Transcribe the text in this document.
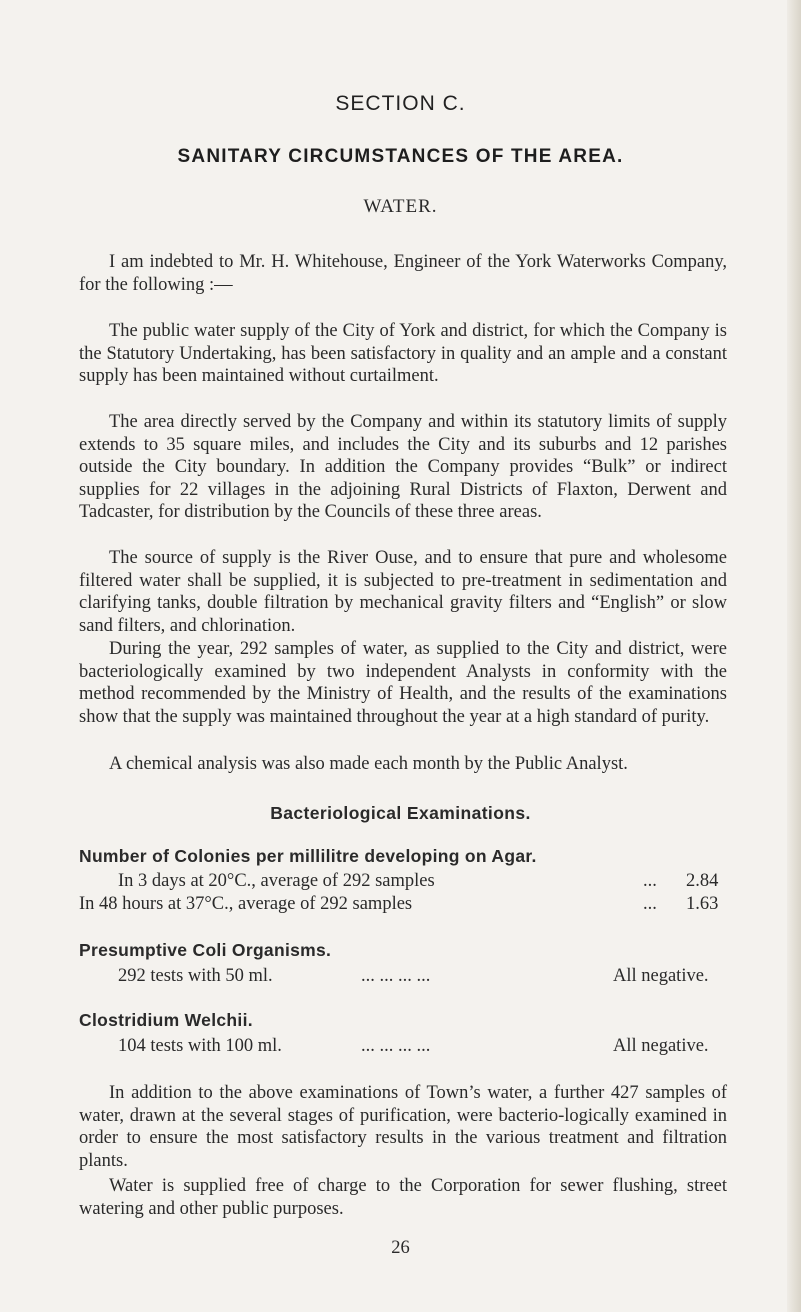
SECTION C.
SANITARY CIRCUMSTANCES OF THE AREA.
WATER.

I am indebted to Mr. H. Whitehouse, Engineer of the York Waterworks Company, for the following :—

The public water supply of the City of York and district, for which the Company is the Statutory Undertaking, has been satisfactory in quality and an ample and a constant supply has been maintained without curtailment.

The area directly served by the Company and within its statutory limits of supply extends to 35 square miles, and includes the City and its suburbs and 12 parishes outside the City boundary. In addition the Company provides “Bulk” or indirect supplies for 22 villages in the adjoining Rural Districts of Flaxton, Derwent and Tadcaster, for distribution by the Councils of these three areas.

The source of supply is the River Ouse, and to ensure that pure and wholesome filtered water shall be supplied, it is subjected to pre-treatment in sedimentation and clarifying tanks, double filtration by mechanical gravity filters and “English” or slow sand filters, and chlorination.

During the year, 292 samples of water, as supplied to the City and district, were bacteriologically examined by two independent Analysts in conformity with the method recommended by the Ministry of Health, and the results of the examinations show that the supply was maintained throughout the year at a high standard of purity.

A chemical analysis was also made each month by the Public Analyst.

Bacteriological Examinations.
Number of Colonies per millilitre developing on Agar.
In 3 days at 20°C., average of 292 samples	... 2.84
In 48 hours at 37°C., average of 292 samples	... 1.63
Presumptive Coli Organisms.
292 tests with 50 ml.	... ... ... ...	All negative.
Clostridium Welchii.
104 tests with 100 ml.	... ... ... ...	All negative.

In addition to the above examinations of Town’s water, a further 427 samples of water, drawn at the several stages of purification, were bacterio-logically examined in order to ensure the most satisfactory results in the various treatment and filtration plants.

Water is supplied free of charge to the Corporation for sewer flushing, street watering and other public purposes.

26
